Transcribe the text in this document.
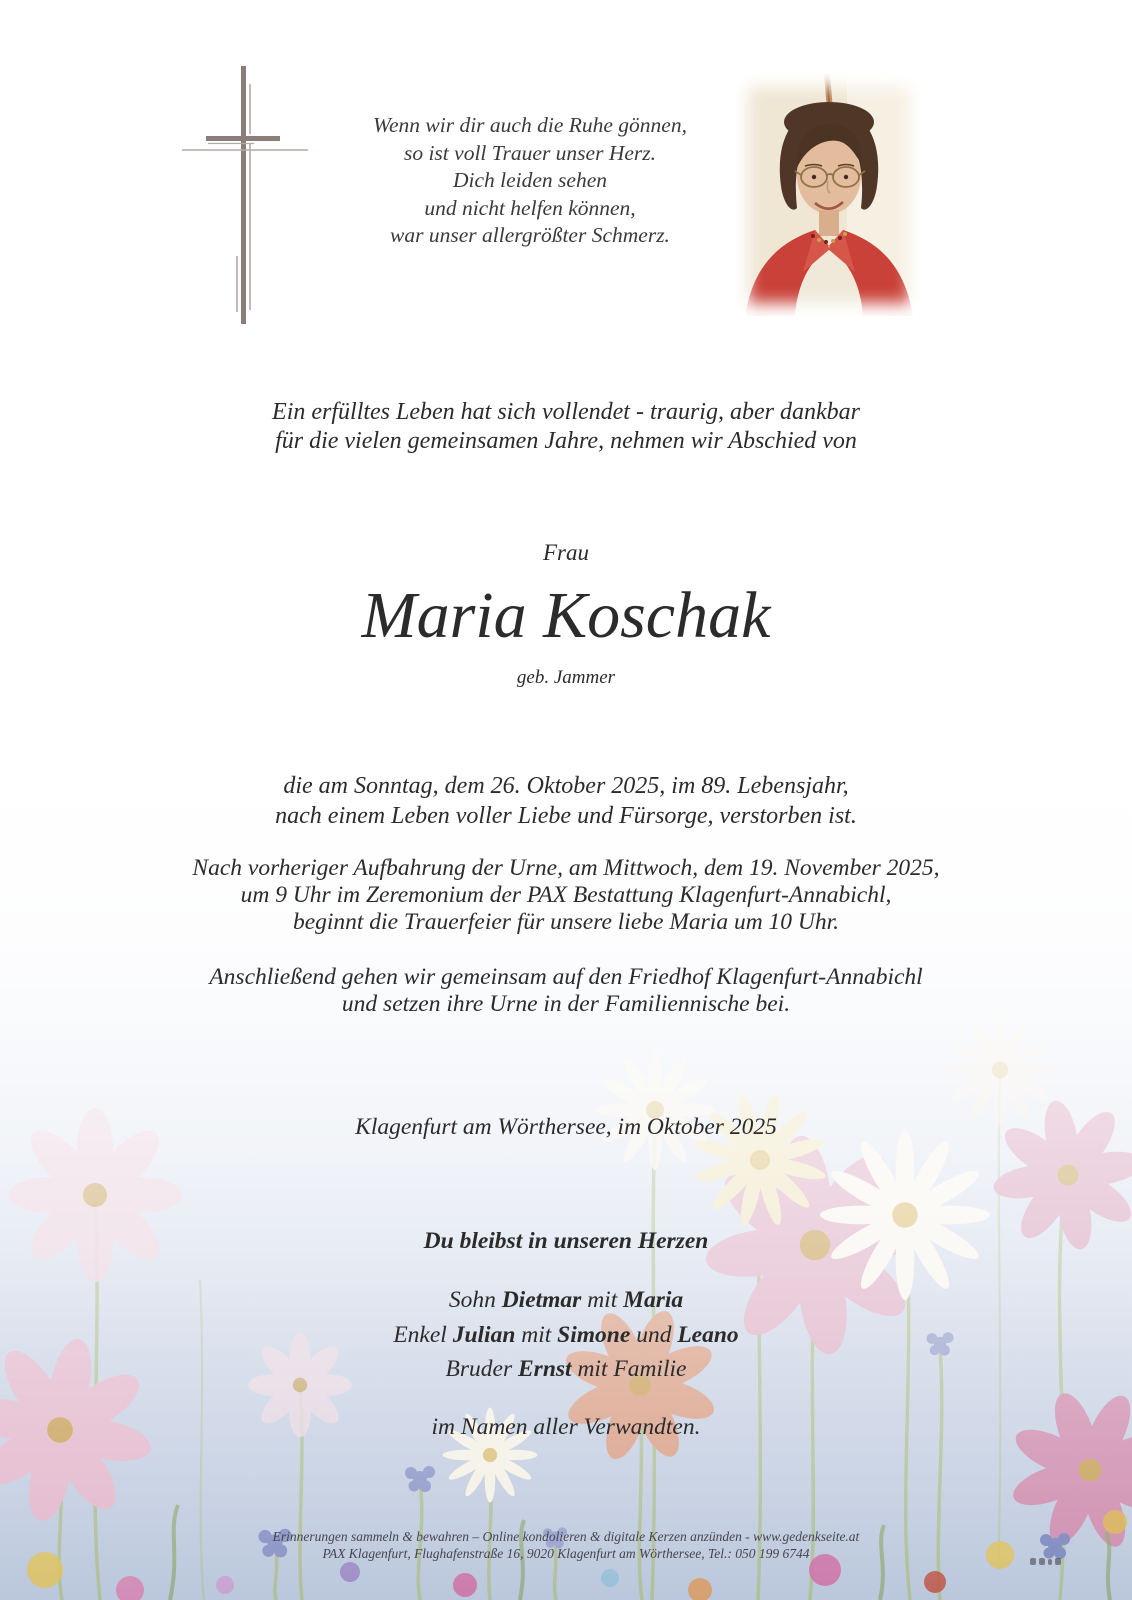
Wenn wir dir auch die Ruhe gönnen,
so ist voll Trauer unser Herz.
Dich leiden sehen
und nicht helfen können,
war unser allergrößter Schmerz.
Ein erfülltes Leben hat sich vollendet - traurig, aber dankbar
für die vielen gemeinsamen Jahre, nehmen wir Abschied von
Frau
Maria Koschak
geb. Jammer
die am Sonntag, dem 26. Oktober 2025, im 89. Lebensjahr,
nach einem Leben voller Liebe und Fürsorge, verstorben ist.
Nach vorheriger Aufbahrung der Urne, am Mittwoch, dem 19. November 2025,
um 9 Uhr im Zeremonium der PAX Bestattung Klagenfurt-Annabichl,
beginnt die Trauerfeier für unsere liebe Maria um 10 Uhr.
Anschließend gehen wir gemeinsam auf den Friedhof Klagenfurt-Annabichl
und setzen ihre Urne in der Familiennische bei.
Klagenfurt am Wörthersee, im Oktober 2025
Du bleibst in unseren Herzen
Sohn Dietmar mit Maria
Enkel Julian mit Simone und Leano
Bruder Ernst mit Familie
im Namen aller Verwandten.
Erinnerungen sammeln & bewahren – Online kondolieren & digitale Kerzen anzünden - www.gedenkseite.at
PAX Klagenfurt, Flughafenstraße 16, 9020 Klagenfurt am Wörthersee, Tel.: 050 199 6744
